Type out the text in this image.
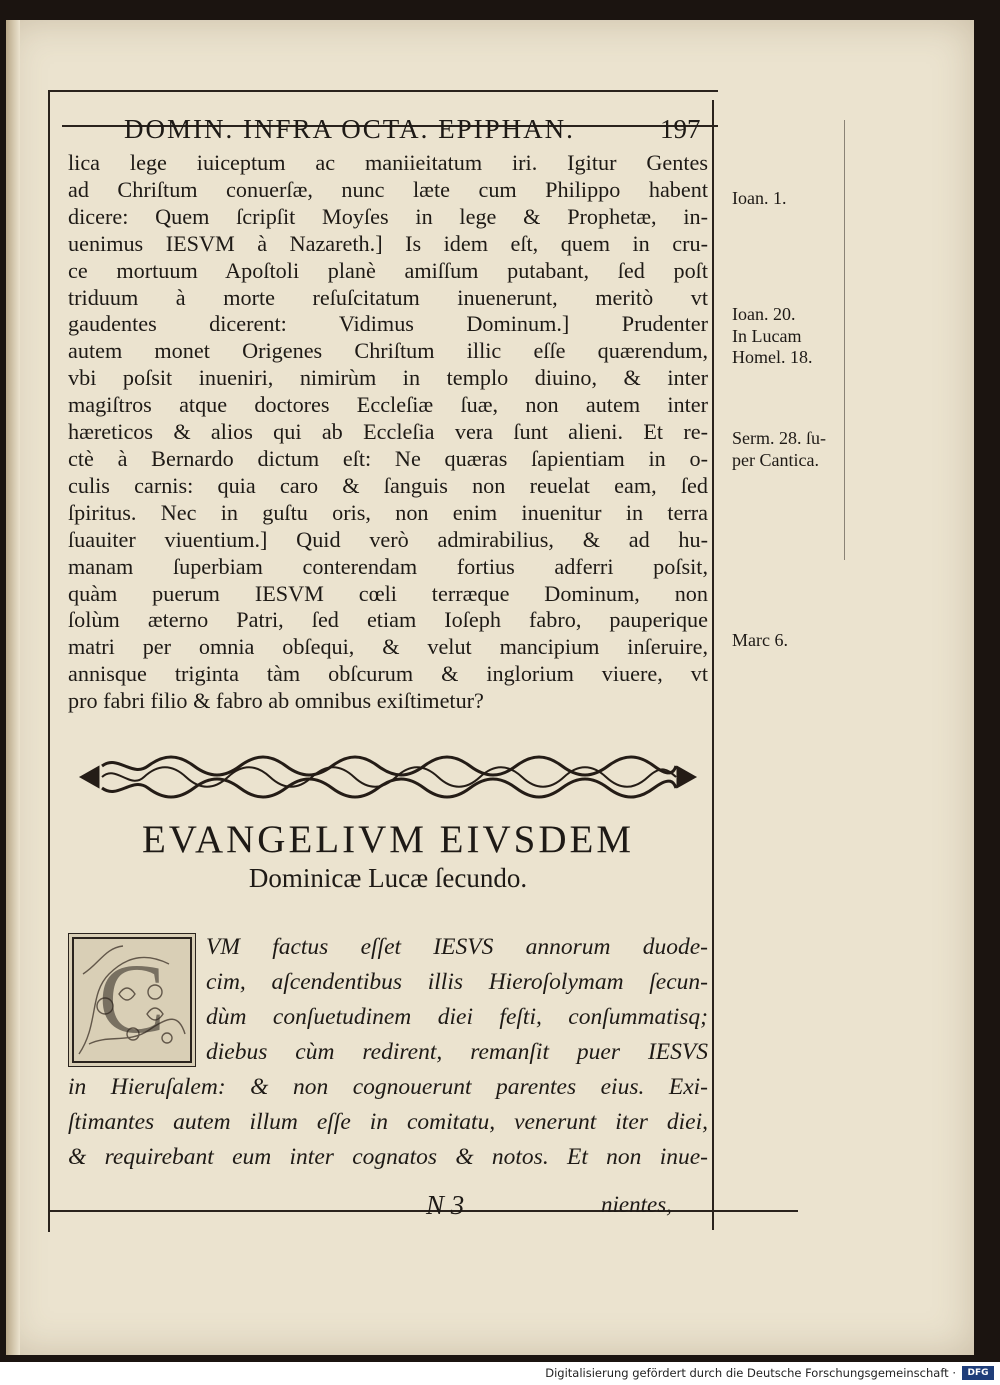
DOMIN. INFRA OCTA. EPIPHAN.	197
lica lege iuiceptum ac maniieitatum iri. Igitur Gentes
ad Chriſtum conuerſæ, nunc læte cum Philippo habent
dicere: Quem ſcripſit Moyſes in lege & Prophetæ, in-
uenimus IESVM à Nazareth.] Is idem eſt, quem in cru-
ce mortuum Apoſtoli planè amiſſum putabant, ſed poſt
triduum à morte reſuſcitatum inuenerunt, meritò vt
gaudentes dicerent: Vidimus Dominum.] Prudenter
autem monet Origenes Chriſtum illic eſſe quærendum,
vbi poſsit inueniri, nimirùm in templo diuino, & inter
magiſtros atque doctores Eccleſiæ ſuæ, non autem inter
hæreticos & alios qui ab Eccleſia vera ſunt alieni. Et re-
ctè à Bernardo dictum eſt: Ne quæras ſapientiam in o-
culis carnis: quia caro & ſanguis non reuelat eam, ſed
ſpiritus. Nec in guſtu oris, non enim inuenitur in terra
ſuauiter viuentium.] Quid verò admirabilius, & ad hu-
manam ſuperbiam conterendam fortius adferri poſsit,
quàm puerum IESVM cœli terræque Dominum, non
ſolùm æterno Patri, ſed etiam Ioſeph fabro, pauperique
matri per omnia obſequi, & velut mancipium inſeruire,
annisque triginta tàm obſcurum & inglorium viuere, vt
pro fabri filio & fabro ab omnibus exiſtimetur?
Ioan. 1.
Ioan. 20.
In Lucam
Homel. 18.
Serm. 28. ſu-
per Cantica.
Marc 6.
EVANGELIVM EIVSDEM
Dominicæ Lucæ ſecundo.
C VM factus eſſet IESVS annorum duode-
cim, aſcendentibus illis Hieroſolymam ſecun-
dùm conſuetudinem diei feſti, conſummatisq;
diebus cùm redirent, remanſit puer IESVS
in Hieruſalem: & non cognouerunt parentes eius. Exi-
ſtimantes autem illum eſſe in comitatu, venerunt iter diei,
& requirebant eum inter cognatos & notos. Et non inue-
N 3	nientes,
Digitalisierung gefördert durch die Deutsche Forschungsgemeinschaft ·	DFG
